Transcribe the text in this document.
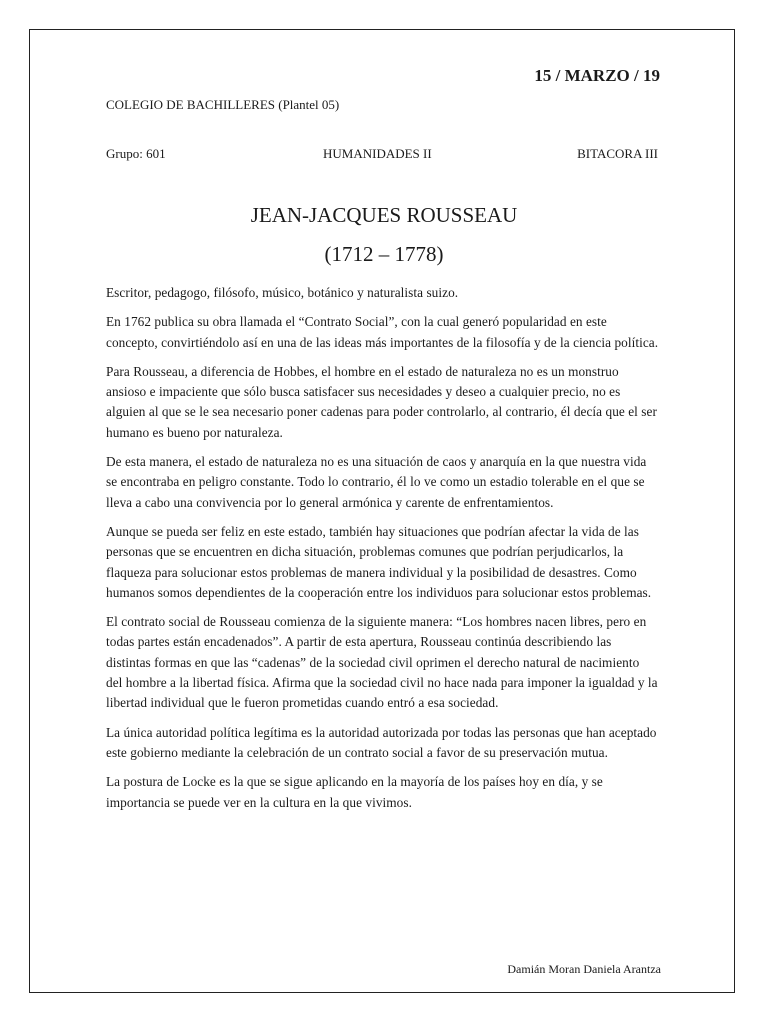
15 / MARZO / 19
COLEGIO DE BACHILLERES (Plantel 05)
Grupo: 601	HUMANIDADES II	BITACORA III
JEAN-JACQUES ROUSSEAU
(1712 – 1778)

Escritor, pedagogo, filósofo, músico, botánico y naturalista suizo.

En 1762 publica su obra llamada el “Contrato Social”, con la cual generó popularidad en este concepto, convirtiéndolo así en una de las ideas más importantes de la filosofía y de la ciencia política.

Para Rousseau, a diferencia de Hobbes, el hombre en el estado de naturaleza no es un monstruo ansioso e impaciente que sólo busca satisfacer sus necesidades y deseo a cualquier precio, no es alguien al que se le sea necesario poner cadenas para poder controlarlo, al contrario, él decía que el ser humano es bueno por naturaleza.

De esta manera, el estado de naturaleza no es una situación de caos y anarquía en la que nuestra vida se encontraba en peligro constante. Todo lo contrario, él lo ve como un estadio tolerable en el que se lleva a cabo una convivencia por lo general armónica y carente de enfrentamientos.

Aunque se pueda ser feliz en este estado, también hay situaciones que podrían afectar la vida de las personas que se encuentren en dicha situación, problemas comunes que podrían perjudicarlos, la flaqueza para solucionar estos problemas de manera individual y la posibilidad de desastres. Como humanos somos dependientes de la cooperación entre los individuos para solucionar estos problemas.

El contrato social de Rousseau comienza de la siguiente manera: “Los hombres nacen libres, pero en todas partes están encadenados”. A partir de esta apertura, Rousseau continúa describiendo las distintas formas en que las “cadenas” de la sociedad civil oprimen el derecho natural de nacimiento del hombre a la libertad física. Afirma que la sociedad civil no hace nada para imponer la igualdad y la libertad individual que le fueron prometidas cuando entró a esa sociedad.

La única autoridad política legítima es la autoridad autorizada por todas las personas que han aceptado este gobierno mediante la celebración de un contrato social a favor de su preservación mutua.

La postura de Locke es la que se sigue aplicando en la mayoría de los países hoy en día, y se importancia se puede ver en la cultura en la que vivimos.

Damián Moran Daniela Arantza
